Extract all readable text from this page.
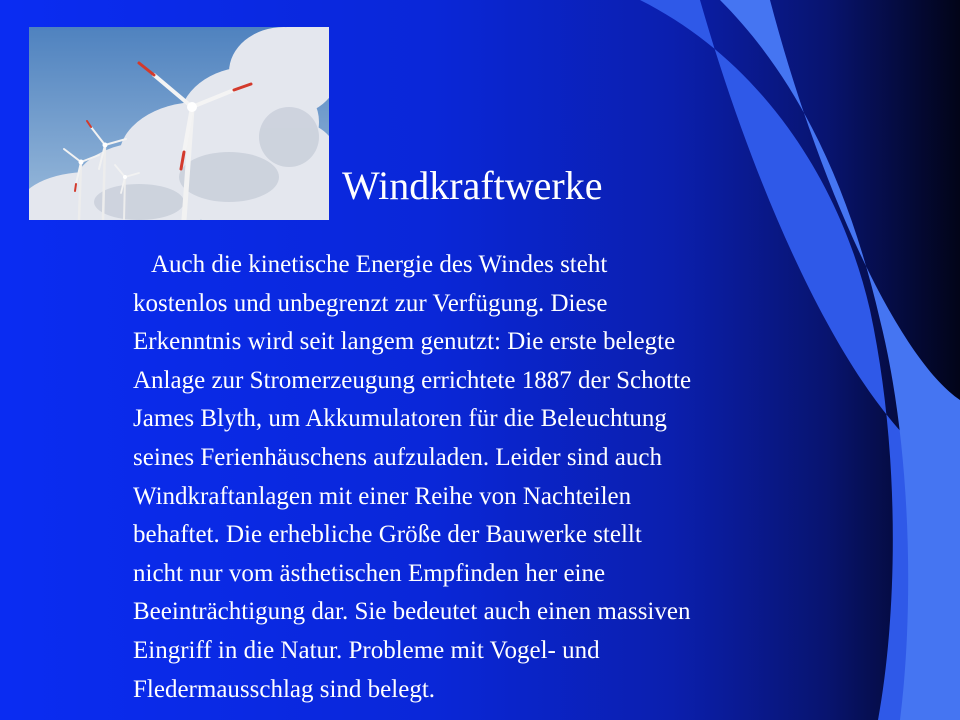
Windkraftwerke

Auch die kinetische Energie des Windes steht
kostenlos und unbegrenzt zur Verfügung. Diese
Erkenntnis wird seit langem genutzt: Die erste belegte
Anlage zur Stromerzeugung errichtete 1887 der Schotte
James Blyth, um Akkumulatoren für die Beleuchtung
seines Ferienhäuschens aufzuladen. Leider sind auch
Windkraftanlagen mit einer Reihe von Nachteilen
behaftet. Die erhebliche Größe der Bauwerke stellt
nicht nur vom ästhetischen Empfinden her eine
Beeinträchtigung dar. Sie bedeutet auch einen massiven
Eingriff in die Natur. Probleme mit Vogel- und
Fledermausschlag sind belegt.
